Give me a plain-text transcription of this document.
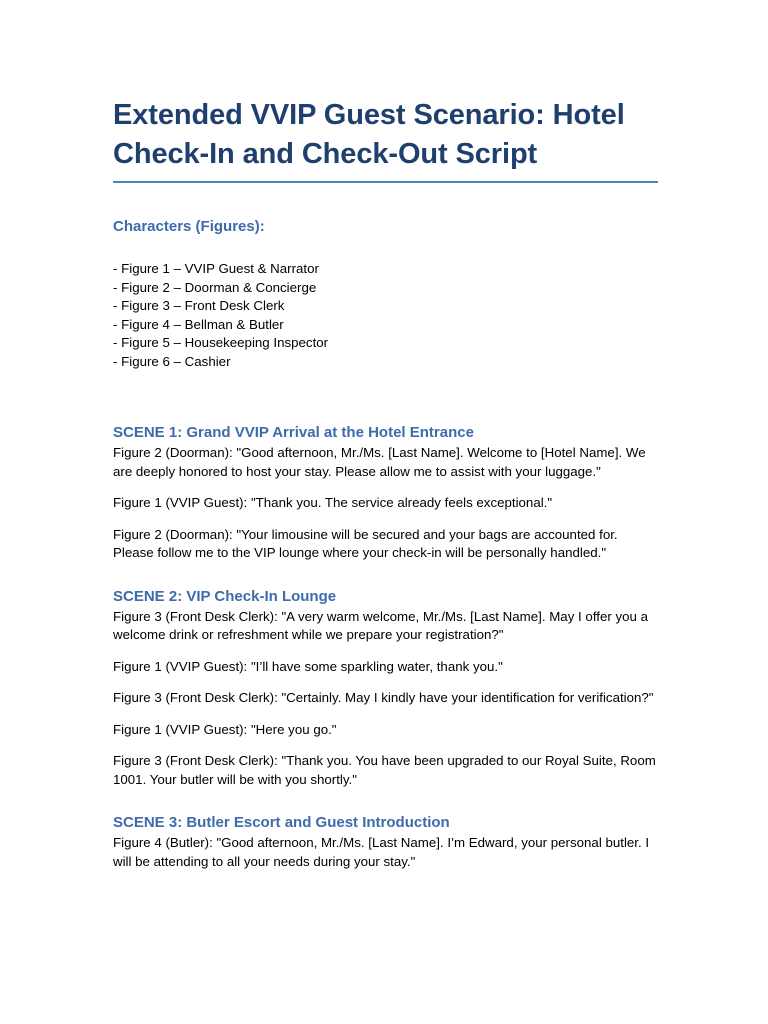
Extended VVIP Guest Scenario: Hotel Check-In and Check-Out Script
Characters (Figures):
- Figure 1 – VVIP Guest & Narrator
- Figure 2 – Doorman & Concierge
- Figure 3 – Front Desk Clerk
- Figure 4 – Bellman & Butler
- Figure 5 – Housekeeping Inspector
- Figure 6 – Cashier
SCENE 1: Grand VVIP Arrival at the Hotel Entrance

Figure 2 (Doorman): "Good afternoon, Mr./Ms. [Last Name]. Welcome to [Hotel Name]. We are deeply honored to host your stay. Please allow me to assist with your luggage."

Figure 1 (VVIP Guest): "Thank you. The service already feels exceptional."

Figure 2 (Doorman): "Your limousine will be secured and your bags are accounted for. Please follow me to the VIP lounge where your check-in will be personally handled."

SCENE 2: VIP Check-In Lounge

Figure 3 (Front Desk Clerk): "A very warm welcome, Mr./Ms. [Last Name]. May I offer you a welcome drink or refreshment while we prepare your registration?"

Figure 1 (VVIP Guest): "I’ll have some sparkling water, thank you."

Figure 3 (Front Desk Clerk): "Certainly. May I kindly have your identification for verification?"

Figure 1 (VVIP Guest): "Here you go."

Figure 3 (Front Desk Clerk): "Thank you. You have been upgraded to our Royal Suite, Room 1001. Your butler will be with you shortly."

SCENE 3: Butler Escort and Guest Introduction

Figure 4 (Butler): "Good afternoon, Mr./Ms. [Last Name]. I’m Edward, your personal butler. I will be attending to all your needs during your stay."
